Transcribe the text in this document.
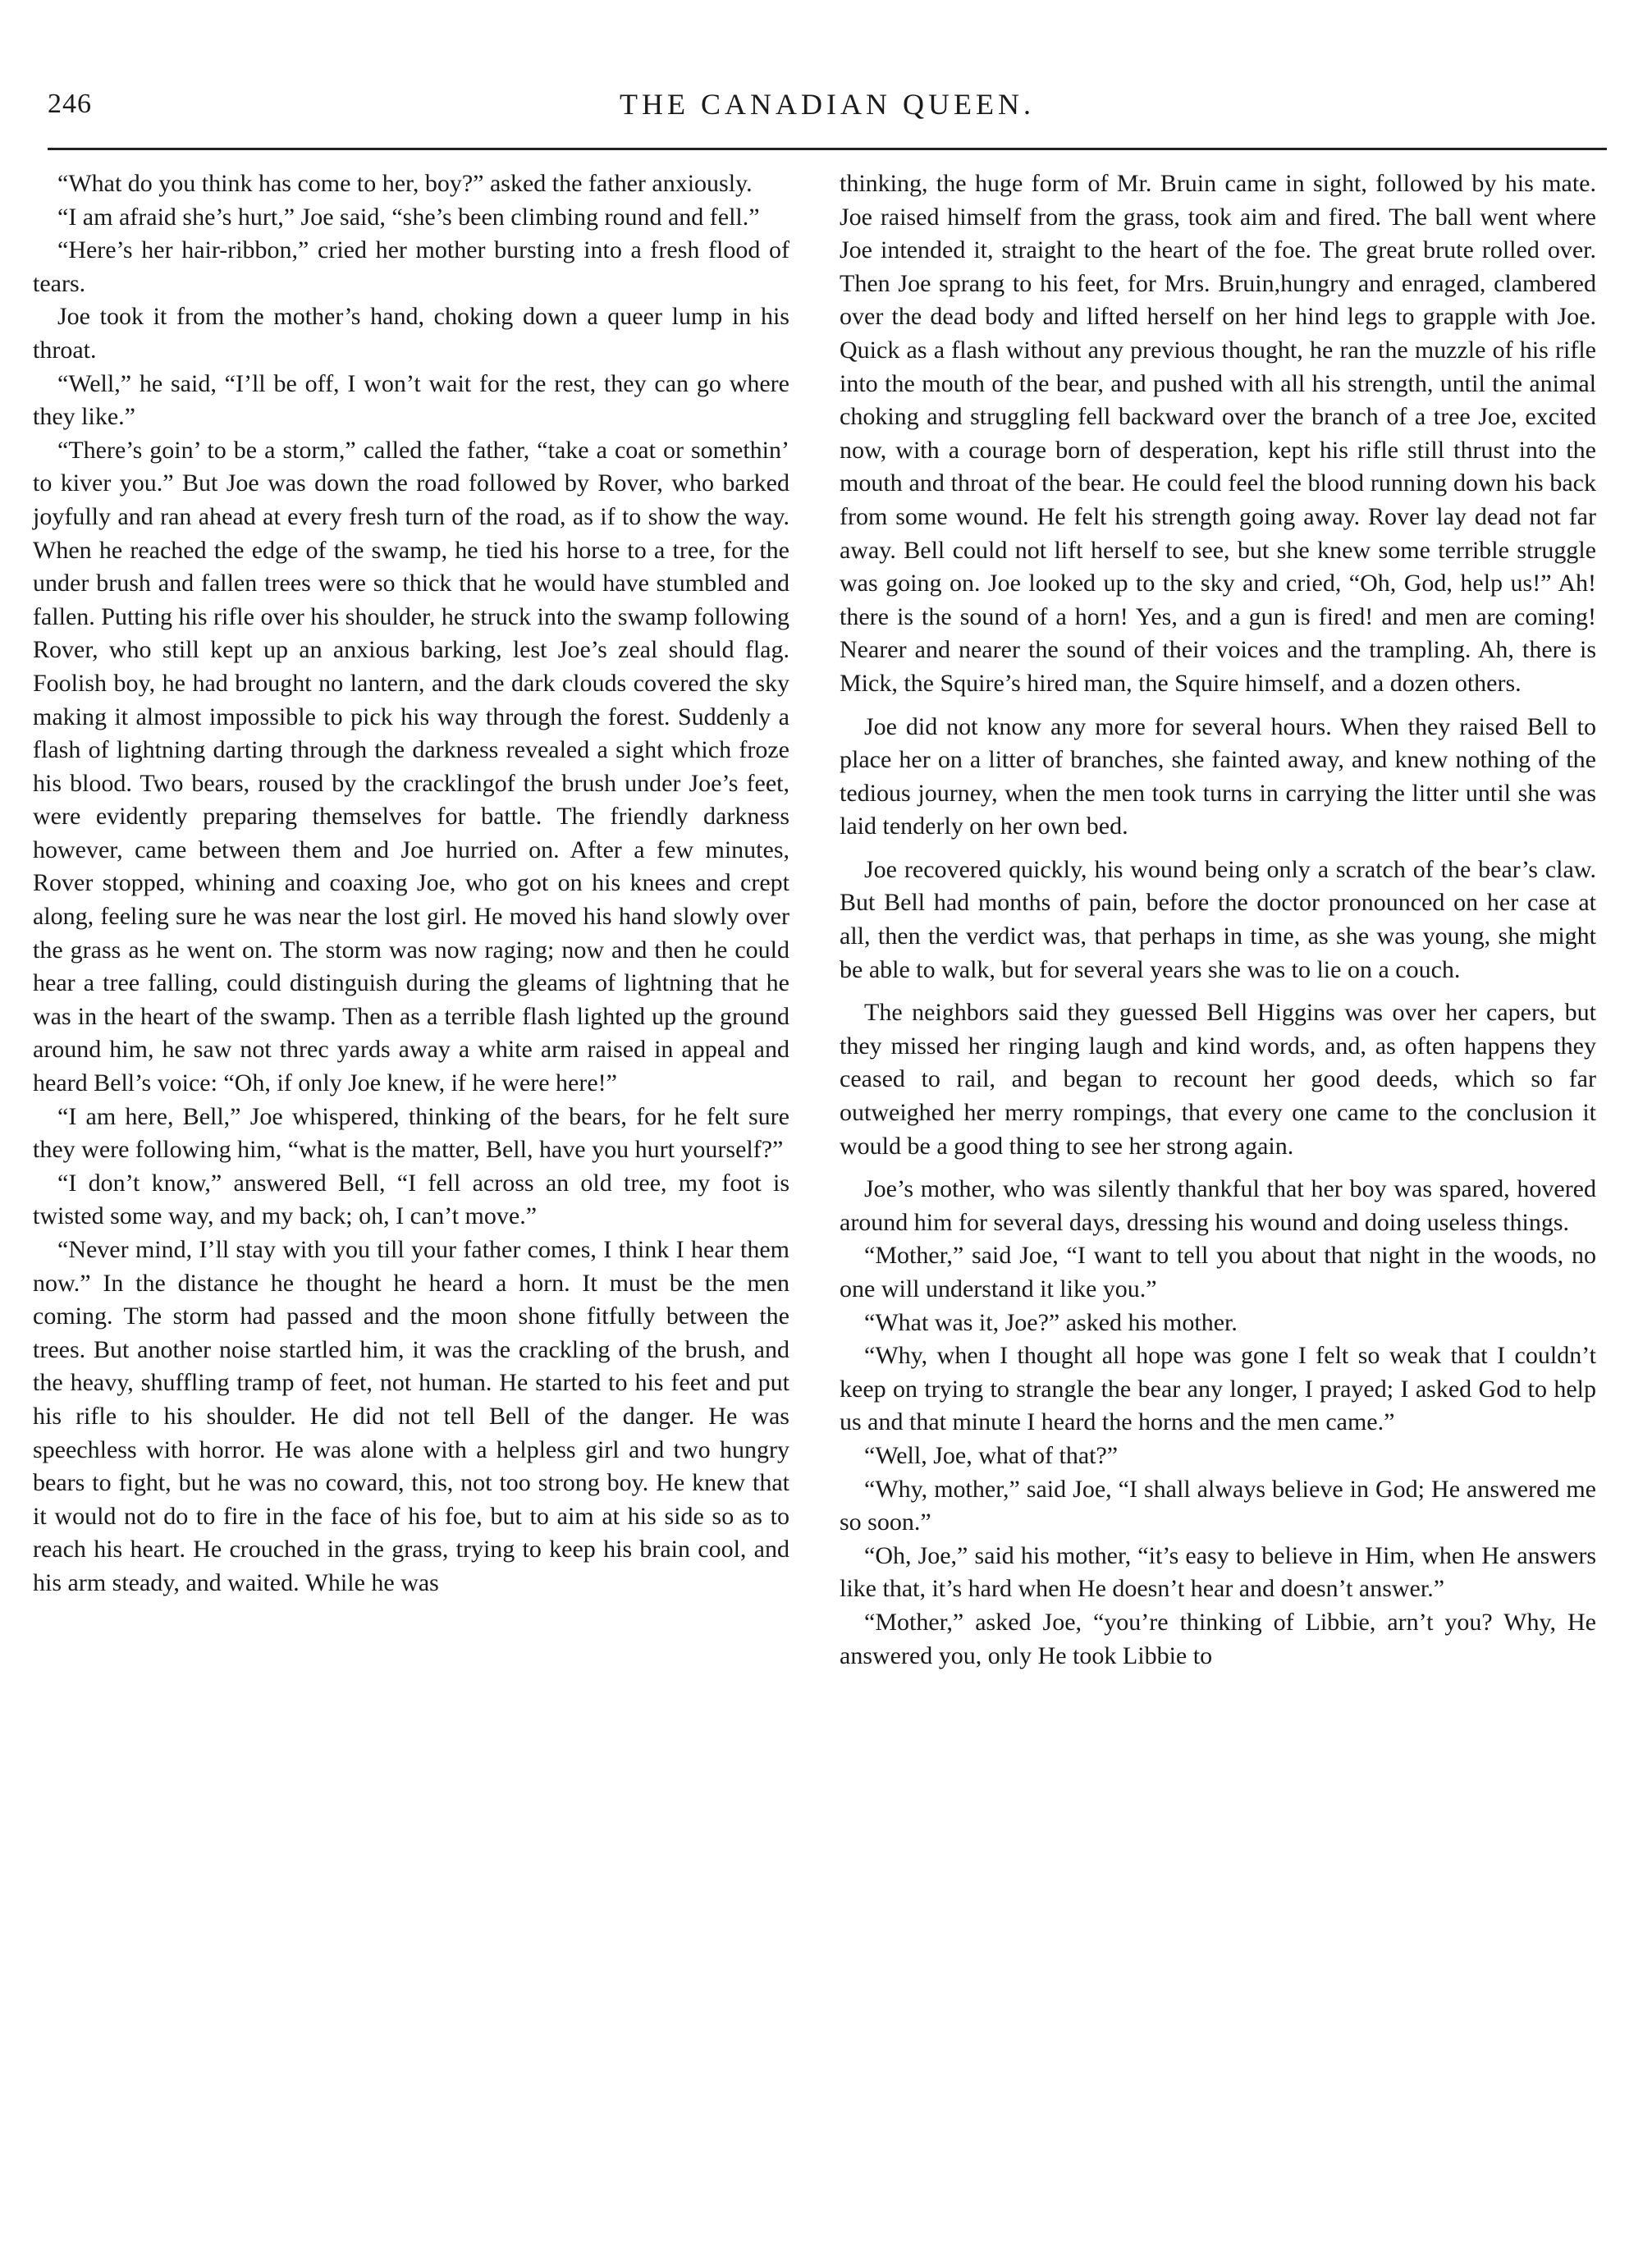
246	THE CANADIAN QUEEN.

“What do you think has come to her, boy?” asked the father anxiously.

“I am afraid she’s hurt,” Joe said, “she’s been climbing round and fell.”

“Here’s her hair-ribbon,” cried her mother bursting into a fresh flood of tears.

Joe took it from the mother’s hand, choking down a queer lump in his throat.

“Well,” he said, “I’ll be off, I won’t wait for the rest, they can go where they like.”

“There’s goin’ to be a storm,” called the father, “take a coat or somethin’ to kiver you.” But Joe was down the road followed by Rover, who barked joyfully and ran ahead at every fresh turn of the road, as if to show the way. When he reached the edge of the swamp, he tied his horse to a tree, for the under brush and fallen trees were so thick that he would have stumbled and fallen. Putting his rifle over his shoulder, he struck into the swamp following Rover, who still kept up an anxious barking, lest Joe’s zeal should flag. Foolish boy, he had brought no lantern, and the dark clouds covered the sky making it almost impossible to pick his way through the forest. Suddenly a flash of lightning darting through the darkness revealed a sight which froze his blood. Two bears, roused by the cracklingof the brush under Joe’s feet, were evidently preparing themselves for battle. The friendly darkness however, came between them and Joe hurried on. After a few minutes, Rover stopped, whining and coaxing Joe, who got on his knees and crept along, feeling sure he was near the lost girl. He moved his hand slowly over the grass as he went on. The storm was now raging; now and then he could hear a tree falling, could distinguish during the gleams of lightning that he was in the heart of the swamp. Then as a terrible flash lighted up the ground around him, he saw not threc yards away a white arm raised in appeal and heard Bell’s voice: “Oh, if only Joe knew, if he were here!”

“I am here, Bell,” Joe whispered, thinking of the bears, for he felt sure they were following him, “what is the matter, Bell, have you hurt yourself?”

“I don’t know,” answered Bell, “I fell across an old tree, my foot is twisted some way, and my back; oh, I can’t move.”

“Never mind, I’ll stay with you till your father comes, I think I hear them now.” In the distance he thought he heard a horn. It must be the men coming. The storm had passed and the moon shone fitfully between the trees. But another noise startled him, it was the crackling of the brush, and the heavy, shuffling tramp of feet, not human. He started to his feet and put his rifle to his shoulder. He did not tell Bell of the danger. He was speechless with horror. He was alone with a helpless girl and two hungry bears to fight, but he was no coward, this, not too strong boy. He knew that it would not do to fire in the face of his foe, but to aim at his side so as to reach his heart. He crouched in the grass, trying to keep his brain cool, and his arm steady, and waited. While he was

thinking, the huge form of Mr. Bruin came in sight, followed by his mate. Joe raised himself from the grass, took aim and fired. The ball went where Joe intended it, straight to the heart of the foe. The great brute rolled over. Then Joe sprang to his feet, for Mrs. Bruin,hungry and enraged, clambered over the dead body and lifted herself on her hind legs to grapple with Joe. Quick as a flash without any previous thought, he ran the muzzle of his rifle into the mouth of the bear, and pushed with all his strength, until the animal choking and struggling fell backward over the branch of a tree Joe, excited now, with a courage born of desperation, kept his rifle still thrust into the mouth and throat of the bear. He could feel the blood running down his back from some wound. He felt his strength going away. Rover lay dead not far away. Bell could not lift herself to see, but she knew some terrible struggle was going on. Joe looked up to the sky and cried, “Oh, God, help us!” Ah! there is the sound of a horn! Yes, and a gun is fired! and men are coming! Nearer and nearer the sound of their voices and the trampling. Ah, there is Mick, the Squire’s hired man, the Squire himself, and a dozen others.

Joe did not know any more for several hours. When they raised Bell to place her on a litter of branches, she fainted away, and knew nothing of the tedious journey, when the men took turns in carrying the litter until she was laid tenderly on her own bed.

Joe recovered quickly, his wound being only a scratch of the bear’s claw. But Bell had months of pain, before the doctor pronounced on her case at all, then the verdict was, that perhaps in time, as she was young, she might be able to walk, but for several years she was to lie on a couch.

The neighbors said they guessed Bell Higgins was over her capers, but they missed her ringing laugh and kind words, and, as often happens they ceased to rail, and began to recount her good deeds, which so far outweighed her merry rompings, that every one came to the conclusion it would be a good thing to see her strong again.

Joe’s mother, who was silently thankful that her boy was spared, hovered around him for several days, dressing his wound and doing useless things.

“Mother,” said Joe, “I want to tell you about that night in the woods, no one will understand it like you.”

“What was it, Joe?” asked his mother.

“Why, when I thought all hope was gone I felt so weak that I couldn’t keep on trying to strangle the bear any longer, I prayed; I asked God to help us and that minute I heard the horns and the men came.”

“Well, Joe, what of that?”

“Why, mother,” said Joe, “I shall always believe in God; He answered me so soon.”

“Oh, Joe,” said his mother, “it’s easy to believe in Him, when He answers like that, it’s hard when He doesn’t hear and doesn’t answer.”

“Mother,” asked Joe, “you’re thinking of Libbie, arn’t you? Why, He answered you, only He took Libbie to
